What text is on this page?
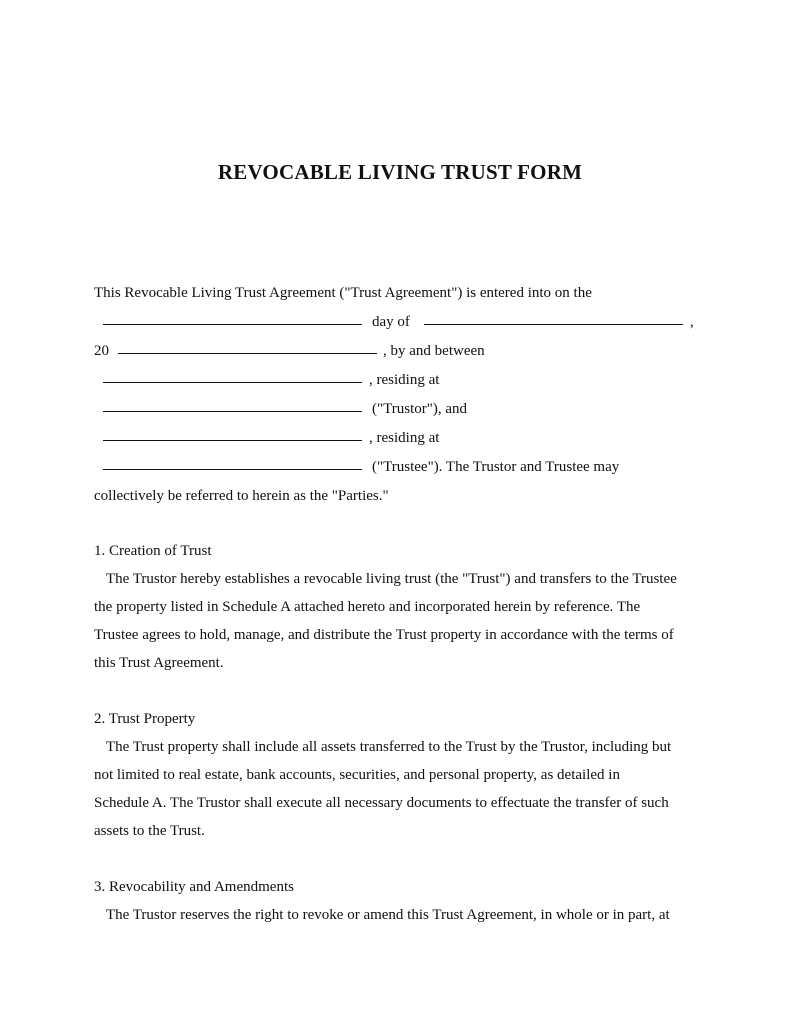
REVOCABLE LIVING TRUST FORM
This Revocable Living Trust Agreement ("Trust Agreement") is entered into on the
day of	,
20	, by and between
, residing at
("Trustor"), and
, residing at
("Trustee"). The Trustor and Trustee may
collectively be referred to herein as the "Parties."
1. Creation of Trust
The Trustor hereby establishes a revocable living trust (the "Trust") and transfers to the Trustee
the property listed in Schedule A attached hereto and incorporated herein by reference. The
Trustee agrees to hold, manage, and distribute the Trust property in accordance with the terms of
this Trust Agreement.
2. Trust Property
The Trust property shall include all assets transferred to the Trust by the Trustor, including but
not limited to real estate, bank accounts, securities, and personal property, as detailed in
Schedule A. The Trustor shall execute all necessary documents to effectuate the transfer of such
assets to the Trust.
3. Revocability and Amendments
The Trustor reserves the right to revoke or amend this Trust Agreement, in whole or in part, at
